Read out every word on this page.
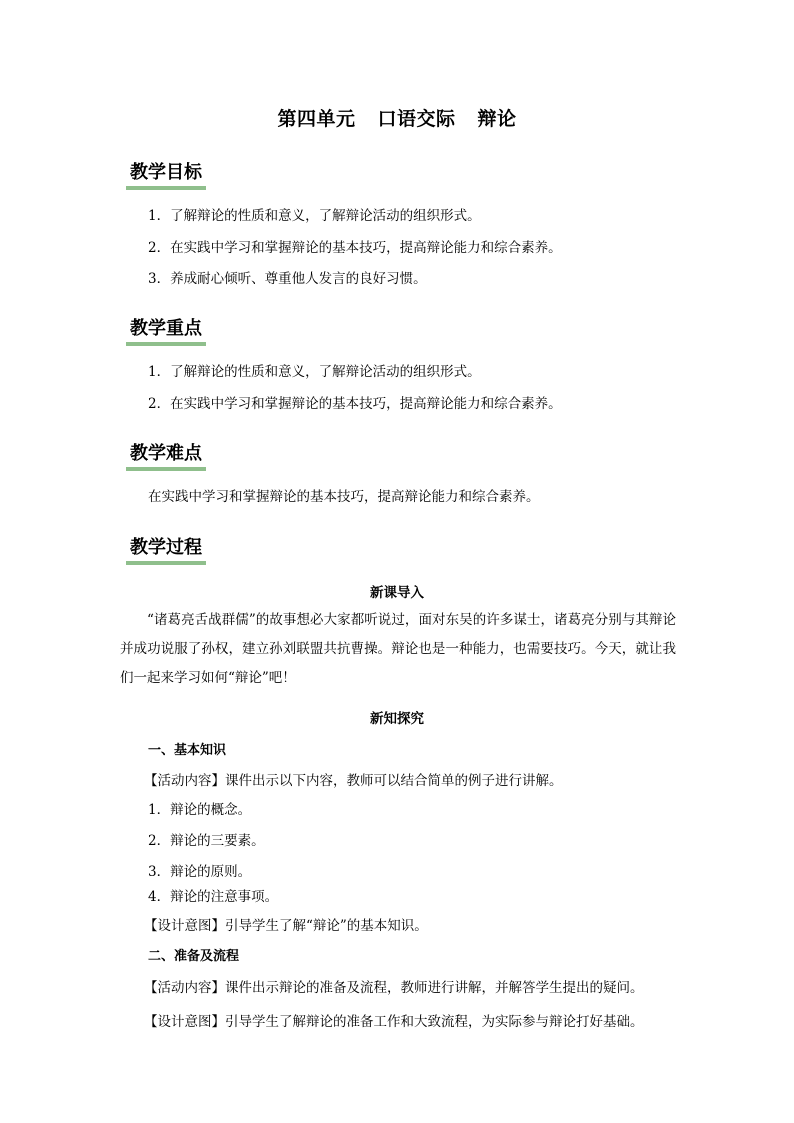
第四单元 口语交际 辩论
教学目标
1．了解辩论的性质和意义，了解辩论活动的组织形式。
2．在实践中学习和掌握辩论的基本技巧，提高辩论能力和综合素养。
3．养成耐心倾听、尊重他人发言的良好习惯。
教学重点
1．了解辩论的性质和意义，了解辩论活动的组织形式。
2．在实践中学习和掌握辩论的基本技巧，提高辩论能力和综合素养。
教学难点
在实践中学习和掌握辩论的基本技巧，提高辩论能力和综合素养。
教学过程
新课导入
“诸葛亮舌战群儒”的故事想必大家都听说过，面对东吴的许多谋士，诸葛亮分别与其辩论并成功说服了孙权，建立孙刘联盟共抗曹操。辩论也是一种能力，也需要技巧。今天，就让我们一起来学习如何“辩论”吧！
新知探究
一、基本知识
【活动内容】课件出示以下内容，教师可以结合简单的例子进行讲解。
1．辩论的概念。
2．辩论的三要素。
3．辩论的原则。
4．辩论的注意事项。
【设计意图】引导学生了解“辩论”的基本知识。
二、准备及流程
【活动内容】课件出示辩论的准备及流程，教师进行讲解，并解答学生提出的疑问。
【设计意图】引导学生了解辩论的准备工作和大致流程，为实际参与辩论打好基础。
